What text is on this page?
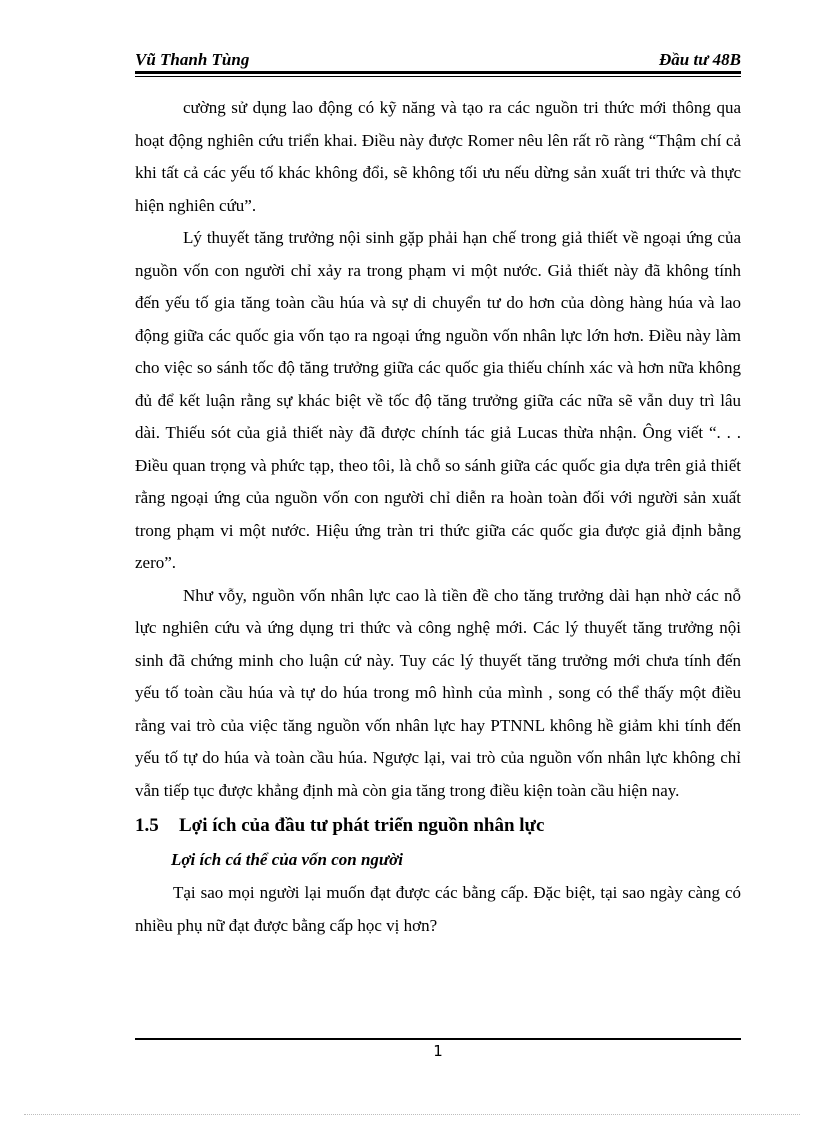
Vũ Thanh Tùng	Đầu tư 48B

cường sử dụng lao động có kỹ năng và tạo ra các nguồn tri thức mới thông qua hoạt động nghiên cứu triển khai. Điều này được Romer nêu lên rất rõ ràng “Thậm chí cả khi tất cả các yếu tố khác không đổi, sẽ không tối ưu nếu dừng sản xuất tri thức và thực hiện nghiên cứu”.

Lý thuyết tăng trưởng nội sinh gặp phải hạn chế trong giả thiết về ngoại ứng của nguồn vốn con người chỉ xảy ra trong phạm vi một nước. Giả thiết này đã không tính đến yếu tố gia tăng toàn cầu húa và sự di chuyển tư do hơn của dòng hàng húa và lao động giữa các quốc gia vốn tạo ra ngoại ứng nguồn vốn nhân lực lớn hơn. Điều này làm cho việc so sánh tốc độ tăng trưởng giữa các quốc gia thiếu chính xác và hơn nữa không đủ để kết luận rằng sự khác biệt về tốc độ tăng trưởng giữa các nữa sẽ vẫn duy trì lâu dài. Thiếu sót của giả thiết này đã được chính tác giả Lucas thừa nhận. Ông viết “. . . Điều quan trọng và phức tạp, theo tôi, là chỗ so sánh giữa các quốc gia dựa trên giả thiết rằng ngoại ứng của nguồn vốn con người chỉ diễn ra hoàn toàn đối với người sản xuất trong phạm vi một nước. Hiệu ứng tràn tri thức giữa các quốc gia được giả định bằng zero”.

Như vỗy, nguồn vốn nhân lực cao là tiền đề cho tăng trưởng dài hạn nhờ các nỗ lực nghiên cứu và ứng dụng tri thức và công nghệ mới. Các lý thuyết tăng trưởng nội sinh đã chứng minh cho luận cứ này. Tuy các lý thuyết tăng trưởng mới chưa tính đến yếu tố toàn cầu húa và tự do húa trong mô hình của mình , song có thể thấy một điều rằng vai trò của việc tăng nguồn vốn nhân lực hay PTNNL không hề giảm khi tính đến yếu tố tự do húa và toàn cầu húa. Ngược lại, vai trò của nguồn vốn nhân lực không chỉ vẫn tiếp tục được khẳng định mà còn gia tăng trong điều kiện toàn cầu hiện nay.

1.5 Lợi ích của đầu tư phát triển nguồn nhân lực
Lợi ích cá thể của vốn con người

Tại sao mọi người lại muốn đạt được các bằng cấp. Đặc biệt, tại sao ngày càng có nhiều phụ nữ đạt được bằng cấp học vị hơn?

1
